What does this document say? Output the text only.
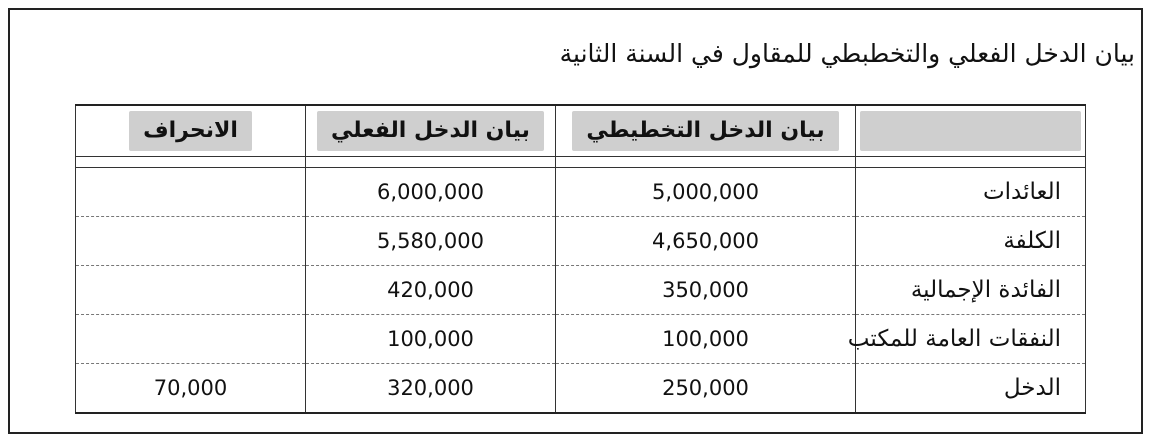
بيان الدخل الفعلي والتخطبطي للمقاول في السنة الثانية
	بيان الدخل التخطيطي	بيان الدخل الفعلي	الانحراف

العائدات	5,000,000	6,000,000	
الكلفة	4,650,000	5,580,000	
الفائدة الإجمالية	350,000	420,000	
النفقات العامة للمكتب	100,000	100,000	
الدخل	250,000	320,000	70,000
